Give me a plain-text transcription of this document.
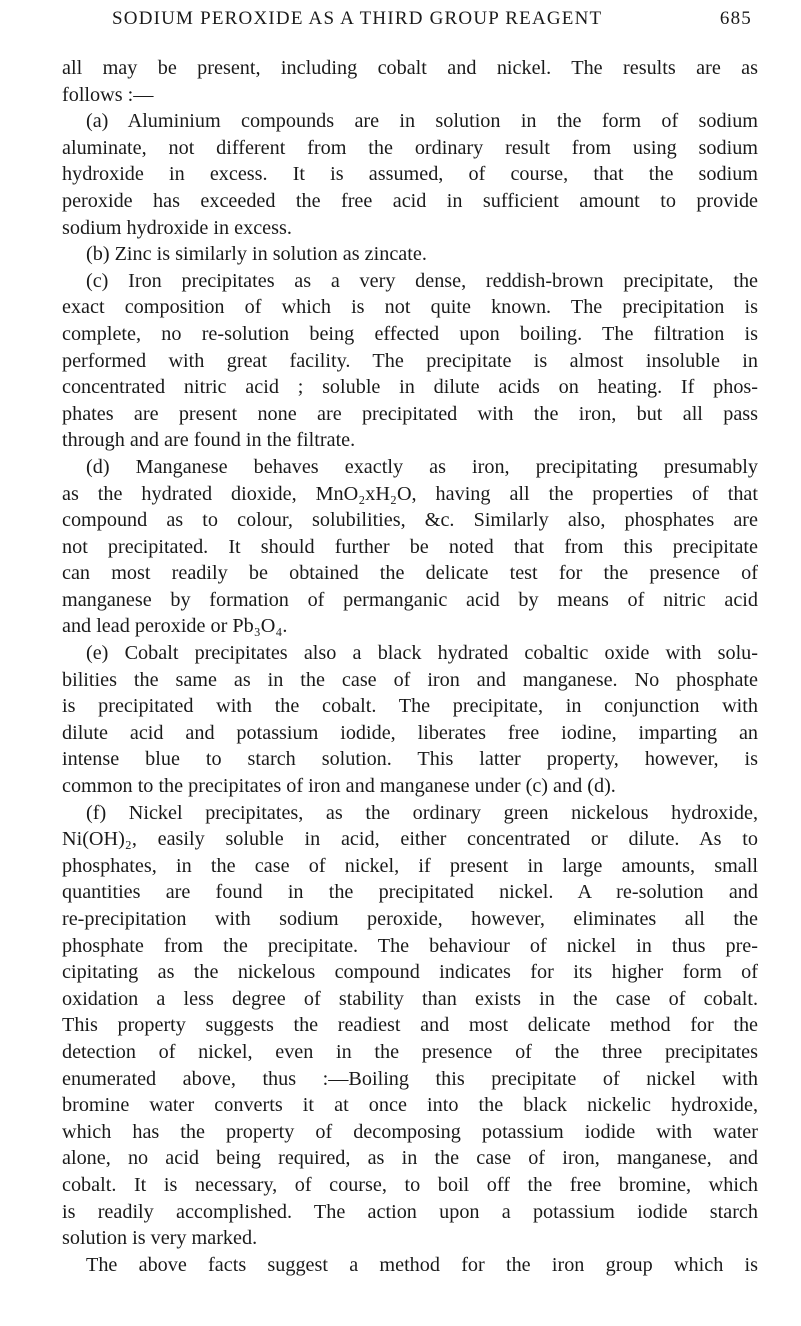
SODIUM PEROXIDE AS A THIRD GROUP REAGENT	685
all may be present, including cobalt and nickel. The results are as
follows :—
(a) Aluminium compounds are in solution in the form of sodium
aluminate, not different from the ordinary result from using sodium
hydroxide in excess. It is assumed, of course, that the sodium
peroxide has exceeded the free acid in sufficient amount to provide
sodium hydroxide in excess.
(b) Zinc is similarly in solution as zincate.
(c) Iron precipitates as a very dense, reddish-brown precipitate, the
exact composition of which is not quite known. The precipitation is
complete, no re-solution being effected upon boiling. The filtration is
performed with great facility. The precipitate is almost insoluble in
concentrated nitric acid ; soluble in dilute acids on heating. If phos-
phates are present none are precipitated with the iron, but all pass
through and are found in the filtrate.
(d) Manganese behaves exactly as iron, precipitating presumably
as the hydrated dioxide, MnO₂xH₂O, having all the properties of that
compound as to colour, solubilities, &c. Similarly also, phosphates are
not precipitated. It should further be noted that from this precipitate
can most readily be obtained the delicate test for the presence of
manganese by formation of permanganic acid by means of nitric acid
and lead peroxide or Pb₃O₄.
(e) Cobalt precipitates also a black hydrated cobaltic oxide with solu-
bilities the same as in the case of iron and manganese. No phosphate
is precipitated with the cobalt. The precipitate, in conjunction with
dilute acid and potassium iodide, liberates free iodine, imparting an
intense blue to starch solution. This latter property, however, is
common to the precipitates of iron and manganese under (c) and (d).
(f) Nickel precipitates, as the ordinary green nickelous hydroxide,
Ni(OH)₂, easily soluble in acid, either concentrated or dilute. As to
phosphates, in the case of nickel, if present in large amounts, small
quantities are found in the precipitated nickel. A re-solution and
re-precipitation with sodium peroxide, however, eliminates all the
phosphate from the precipitate. The behaviour of nickel in thus pre-
cipitating as the nickelous compound indicates for its higher form of
oxidation a less degree of stability than exists in the case of cobalt.
This property suggests the readiest and most delicate method for the
detection of nickel, even in the presence of the three precipitates
enumerated above, thus :—Boiling this precipitate of nickel with
bromine water converts it at once into the black nickelic hydroxide,
which has the property of decomposing potassium iodide with water
alone, no acid being required, as in the case of iron, manganese, and
cobalt. It is necessary, of course, to boil off the free bromine, which
is readily accomplished. The action upon a potassium iodide starch
solution is very marked.
The above facts suggest a method for the iron group which is
